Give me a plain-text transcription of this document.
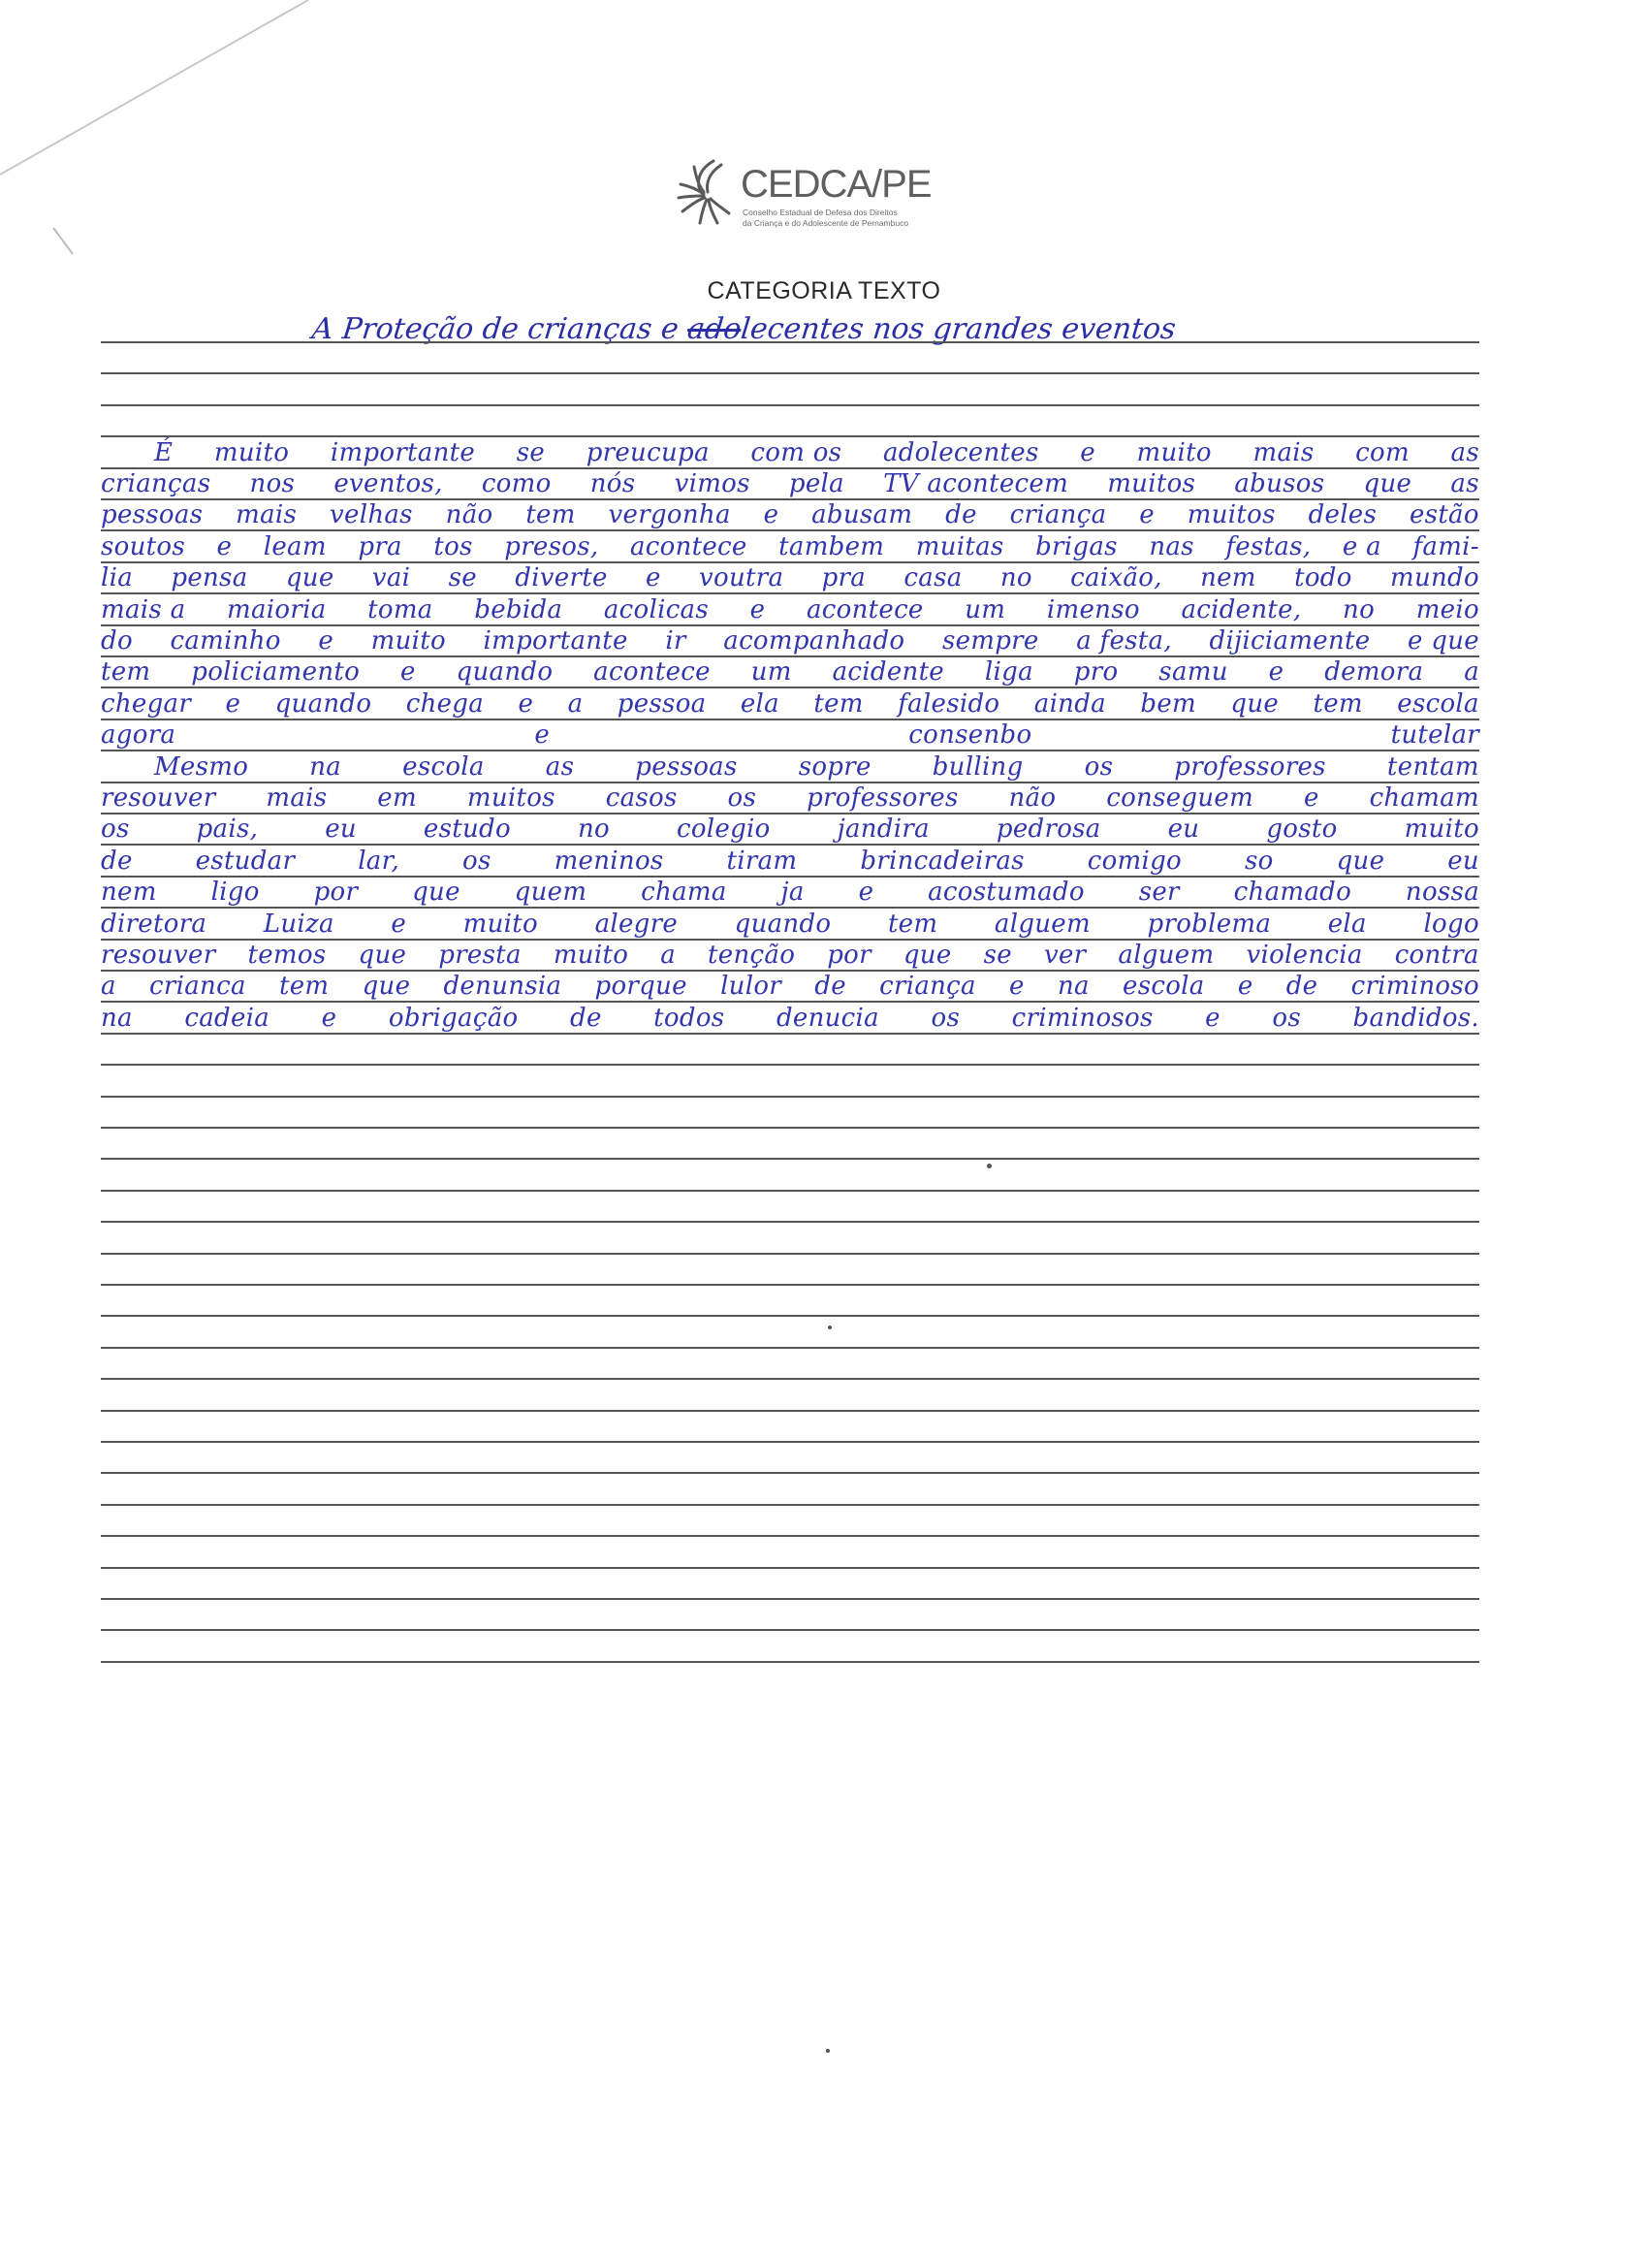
CEDCA/PE
Conselho Estadual de Defesa dos Direitos
da Criança e do Adolescente de Pernambuco
CATEGORIA TEXTO
A Proteção de crianças e adolecentes nos grandes eventos
É muito importante se preucupa com os adolecentes e muito mais com as
crianças nos eventos, como nós vimos pela TV acontecem muitos abusos que as
pessoas mais velhas não tem vergonha e abusam de criança e muitos deles estão
soutos e leam pra tos presos, acontece tambem muitas brigas nas festas, e a fami-
lia pensa que vai se diverte e voutra pra casa no caixão, nem todo mundo
mais a maioria toma bebida acolicas e acontece um imenso acidente, no meio
do caminho e muito importante ir acompanhado sempre a festa, dijiciamente e que
tem policiamento e quando acontece um acidente liga pro samu e demora a
chegar e quando chega e a pessoa ela tem falesido ainda bem que tem escola
agora	e	consenbo	tutelar
Mesmo na escola as pessoas sopre bulling os professores tentam
resouver mais em muitos casos os professores não conseguem e chamam
os	pais,	eu	estudo	no	colegio	jandira	pedrosa	eu	gosto	muito
de estudar lar, os meninos tiram brincadeiras comigo so que eu
nem ligo por que quem chama ja e acostumado ser chamado nossa
diretora Luiza e muito alegre quando tem alguem problema ela logo
resouver temos que presta muito a tenção por que se ver alguem violencia contra
a crianca tem que denunsia porque lulor de criança e na escola e de criminoso
na cadeia e obrigação de todos denucia os criminosos e os bandidos.
